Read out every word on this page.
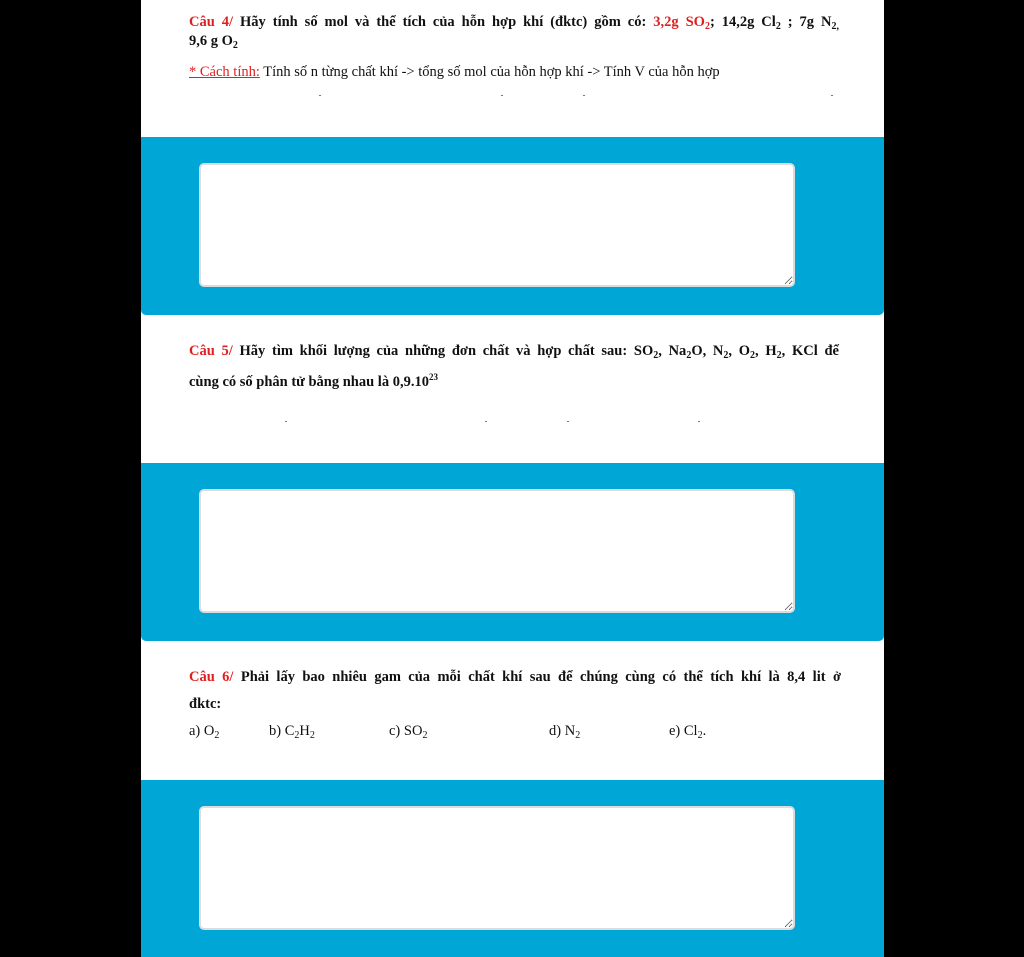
Câu 4/ Hãy tính số mol và thể tích của hỗn hợp khí (đktc) gồm có: 3,2g $SO_2$; 14,2g $Cl_2$ ; 7g $N_{2,}$
9,6 g $O_2$
* Cách tính: Tính số n từng chất khí -> tổng số mol của hỗn hợp khí -> Tính V của hỗn hợp
Câu 5/ Hãy tìm khối lượng của những đơn chất và hợp chất sau: $SO_2$, $Na_2O$, $N_2$, $O_2$, $H_2$, KCl để
cùng có số phân tử bằng nhau là 0,9.10$^{23}$
Câu 6/ Phải lấy bao nhiêu gam của mỗi chất khí sau để chúng cùng có thể tích khí là 8,4 lit ở
đktc:
a) $O_2$	b) $C_2H_2$	c) $SO_2$	d) $N_2$	e) $Cl_2$.
